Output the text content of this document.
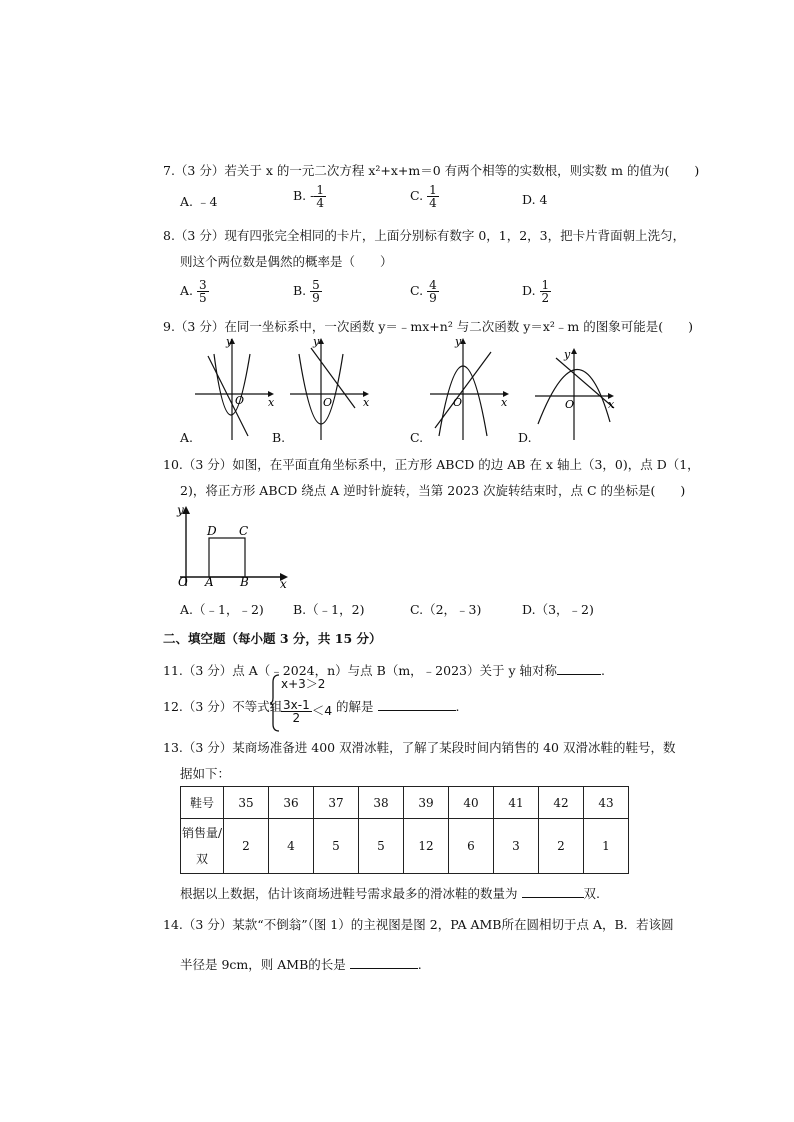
7.（3 分）若关于 x 的一元二次方程 x²+x+m＝0 有两个相等的实数根，则实数 m 的值为(　　)
A. ﹣4	B. - $\frac{1}{4}$	C. $\frac{1}{4}$	D. 4
8.（3 分）现有四张完全相同的卡片，上面分别标有数字 0，1，2，3，把卡片背面朝上洗匀，
则这个两位数是偶然的概率是（　　）
A. $\frac{3}{5}$	B. $\frac{5}{9}$	C. $\frac{4}{9}$	D. $\frac{1}{2}$
9.（3 分）在同一坐标系中，一次函数 y＝﹣mx+n² 与二次函数 y＝x²﹣m 的图象可能是(　　)
y
x
O
y
x
O
y
x
O
y
x
O
A.	B.	C.	D.
10.（3 分）如图，在平面直角坐标系中，正方形 ABCD 的边 AB 在 x 轴上（3，0)，点 D（1，
2)，将正方形 ABCD 绕点 A 逆时针旋转，当第 2023 次旋转结束时，点 C 的坐标是(　　)
y
x
O A B
C
D
A.（﹣1，﹣2) B.（﹣1，2)	C.（2，﹣3)	D.（3，﹣2)
二、填空题（每小题 3 分，共 15 分）
11.（3 分）点 A（﹣2024，n）与点 B（m，﹣2023）关于 y 轴对称	.
12.（3 分）不等式组
x+3＞2
$\frac{3x-1}{2} <4$ 的解是	.
13.（3 分）某商场准备进 400 双滑冰鞋，了解了某段时间内销售的 40 双滑冰鞋的鞋号，数
据如下：
鞋号	35	36	37	38	39	40	41	42	43
销售量/
双	2	4	5	5	12	6	3	2	1
根据以上数据，估计该商场进鞋号需求最多的滑冰鞋的数量为	双.
14.（3 分）某款“不倒翁”（图 1）的主视图是图 2，PA AMB所在圆相切于点 A，B．若该圆
半径是 9cm，则 AMB的长是	.
